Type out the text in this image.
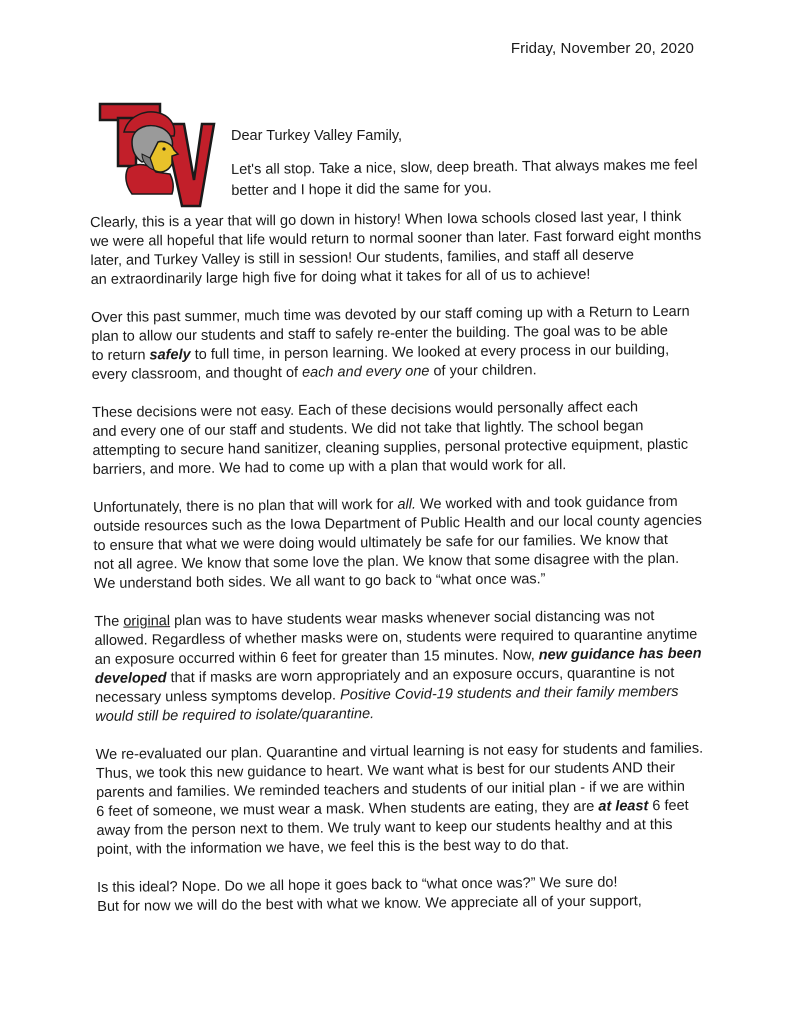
Friday, November 20, 2020
Dear Turkey Valley Family,
Let's all stop. Take a nice, slow, deep breath. That always makes me feel
better and I hope it did the same for you.
Clearly, this is a year that will go down in history! When Iowa schools closed last year, I think
we were all hopeful that life would return to normal sooner than later. Fast forward eight months
later, and Turkey Valley is still in session! Our students, families, and staff all deserve
an extraordinarily large high five for doing what it takes for all of us to achieve!
Over this past summer, much time was devoted by our staff coming up with a Return to Learn
plan to allow our students and staff to safely re-enter the building. The goal was to be able
to return safely to full time, in person learning. We looked at every process in our building,
every classroom, and thought of each and every one of your children.
These decisions were not easy. Each of these decisions would personally affect each
and every one of our staff and students. We did not take that lightly. The school began
attempting to secure hand sanitizer, cleaning supplies, personal protective equipment, plastic
barriers, and more. We had to come up with a plan that would work for all.
Unfortunately, there is no plan that will work for all. We worked with and took guidance from
outside resources such as the Iowa Department of Public Health and our local county agencies
to ensure that what we were doing would ultimately be safe for our families. We know that
not all agree. We know that some love the plan. We know that some disagree with the plan.
We understand both sides. We all want to go back to “what once was.”
The original plan was to have students wear masks whenever social distancing was not
allowed. Regardless of whether masks were on, students were required to quarantine anytime
an exposure occurred within 6 feet for greater than 15 minutes. Now, new guidance has been
developed that if masks are worn appropriately and an exposure occurs, quarantine is not
necessary unless symptoms develop. Positive Covid-19 students and their family members
would still be required to isolate/quarantine.
We re-evaluated our plan. Quarantine and virtual learning is not easy for students and families.
Thus, we took this new guidance to heart. We want what is best for our students AND their
parents and families. We reminded teachers and students of our initial plan - if we are within
6 feet of someone, we must wear a mask. When students are eating, they are at least 6 feet
away from the person next to them. We truly want to keep our students healthy and at this
point, with the information we have, we feel this is the best way to do that.
Is this ideal? Nope. Do we all hope it goes back to “what once was?” We sure do!
But for now we will do the best with what we know. We appreciate all of your support,
